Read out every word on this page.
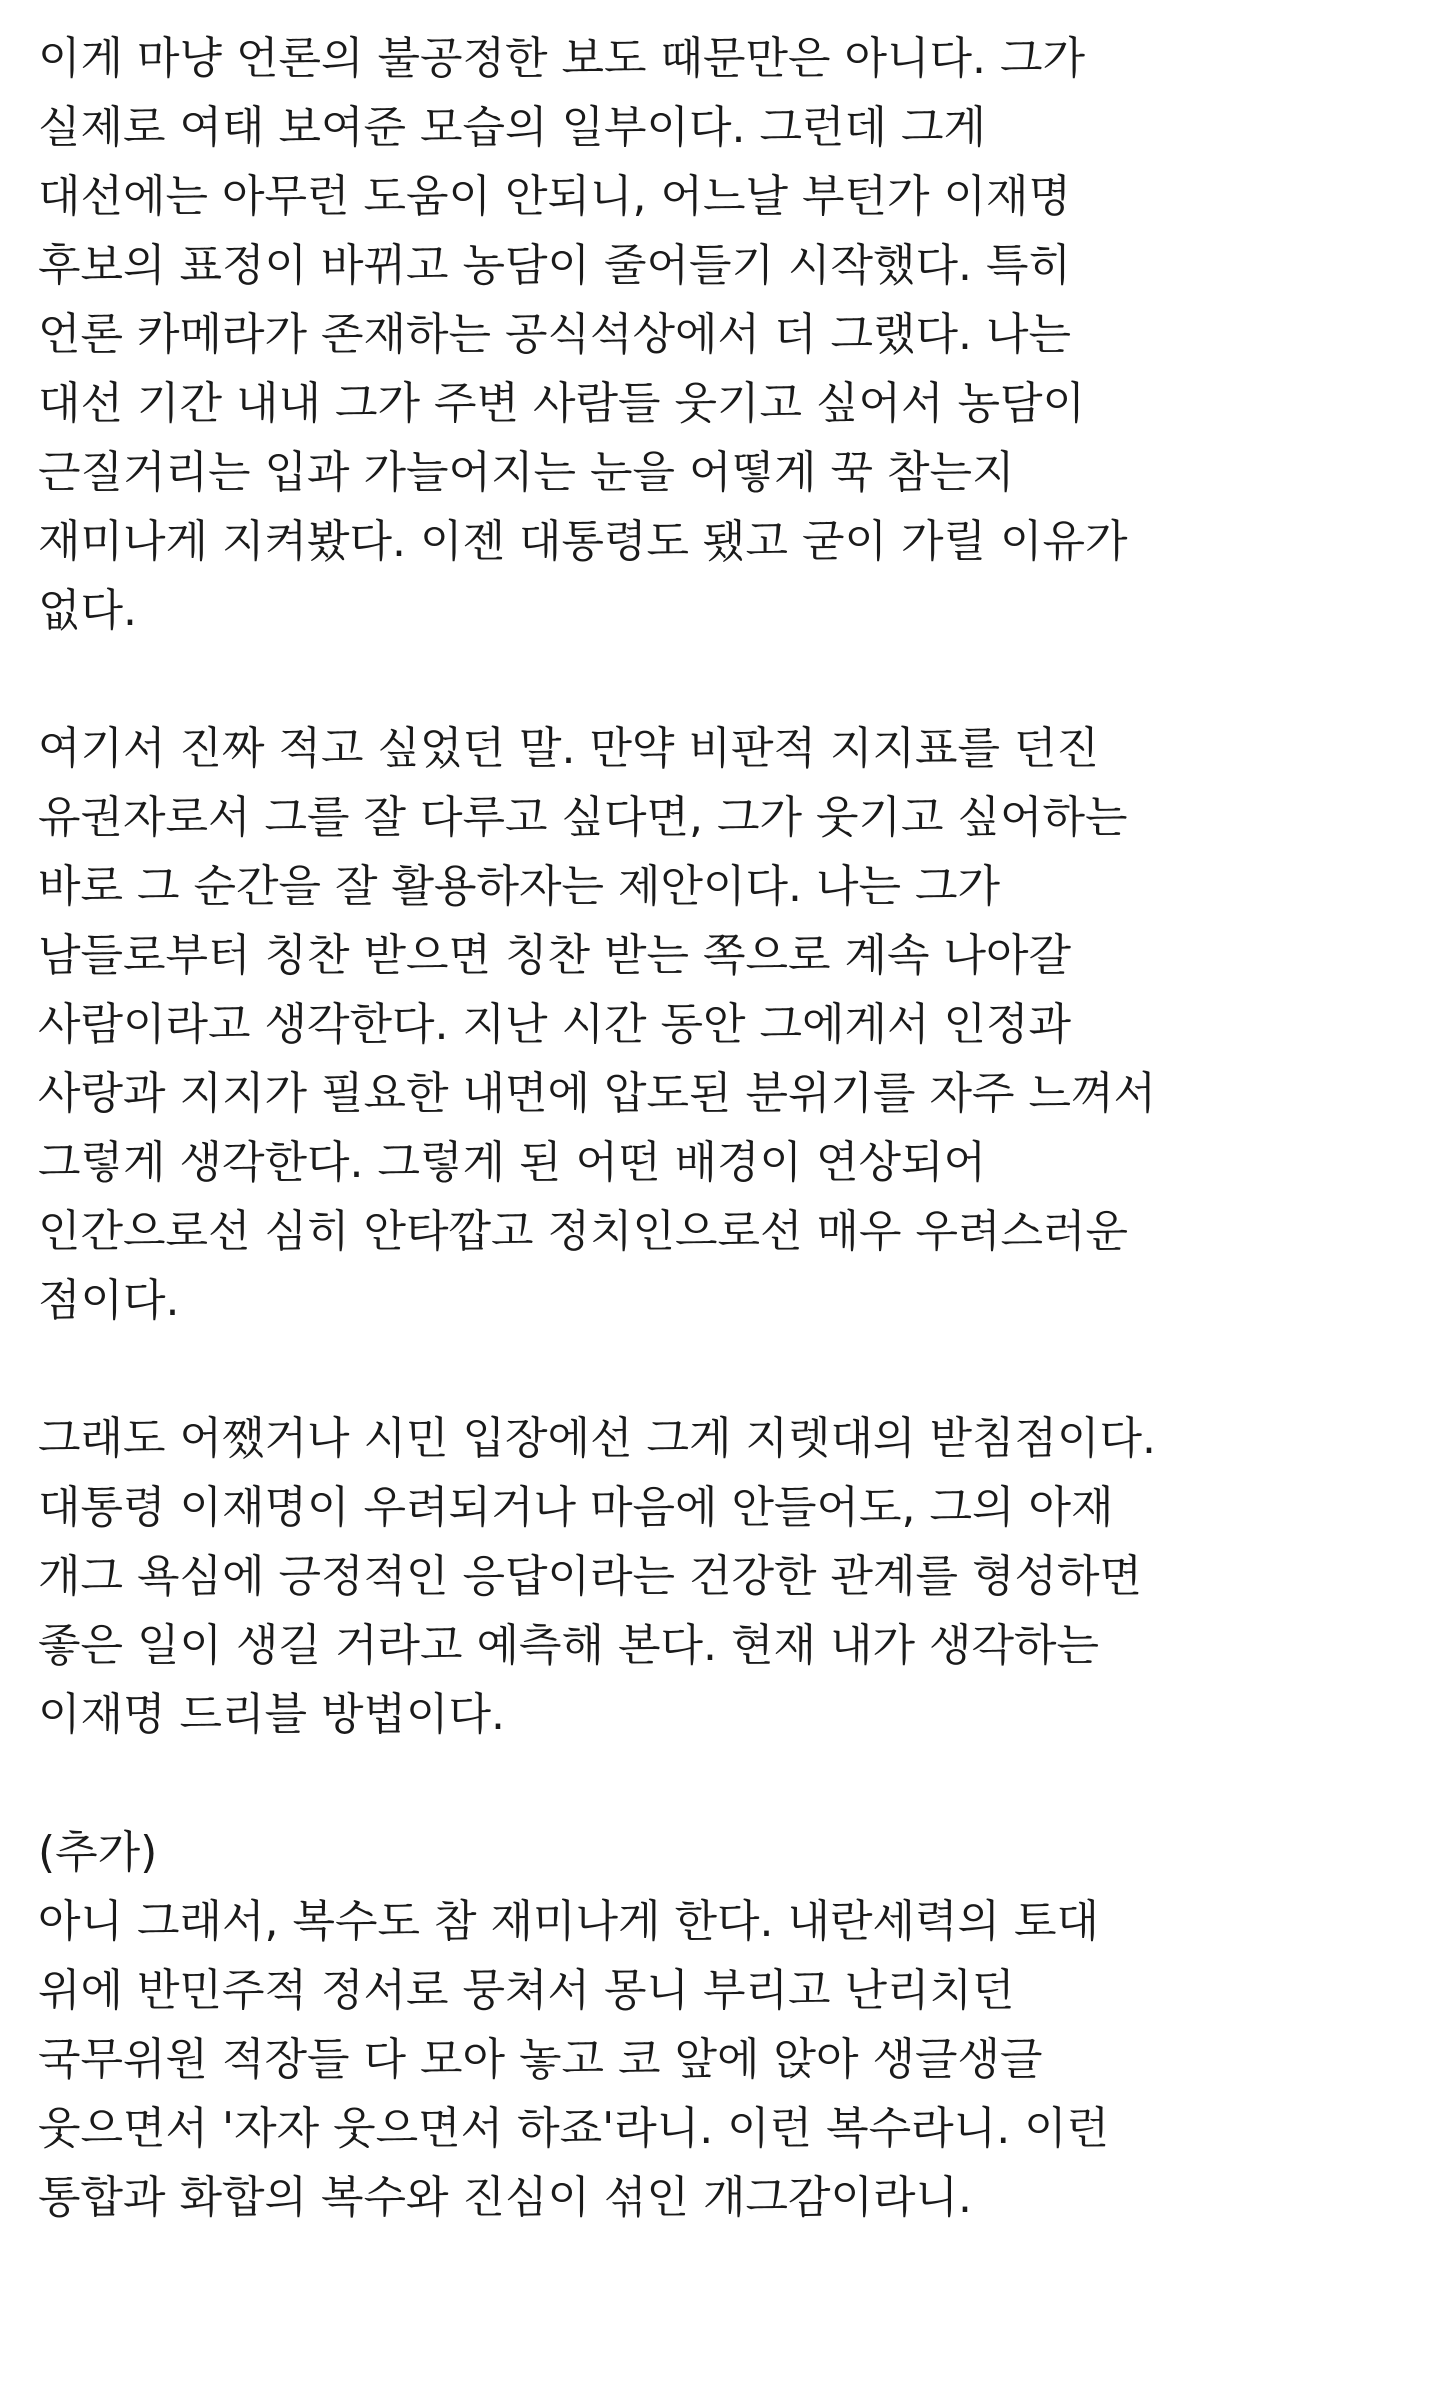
이게 마냥 언론의 불공정한 보도 때문만은 아니다. 그가
실제로 여태 보여준 모습의 일부이다. 그런데 그게
대선에는 아무런 도움이 안되니, 어느날 부턴가 이재명
후보의 표정이 바뀌고 농담이 줄어들기 시작했다. 특히
언론 카메라가 존재하는 공식석상에서 더 그랬다. 나는
대선 기간 내내 그가 주변 사람들 웃기고 싶어서 농담이
근질거리는 입과 가늘어지는 눈을 어떻게 꾹 참는지
재미나게 지켜봤다. 이젠 대통령도 됐고 굳이 가릴 이유가
없다.
여기서 진짜 적고 싶었던 말. 만약 비판적 지지표를 던진
유권자로서 그를 잘 다루고 싶다면, 그가 웃기고 싶어하는
바로 그 순간을 잘 활용하자는 제안이다. 나는 그가
남들로부터 칭찬 받으면 칭찬 받는 쪽으로 계속 나아갈
사람이라고 생각한다. 지난 시간 동안 그에게서 인정과
사랑과 지지가 필요한 내면에 압도된 분위기를 자주 느껴서
그렇게 생각한다. 그렇게 된 어떤 배경이 연상되어
인간으로선 심히 안타깝고 정치인으로선 매우 우려스러운
점이다.
그래도 어쨌거나 시민 입장에선 그게 지렛대의 받침점이다.
대통령 이재명이 우려되거나 마음에 안들어도, 그의 아재
개그 욕심에 긍정적인 응답이라는 건강한 관계를 형성하면
좋은 일이 생길 거라고 예측해 본다. 현재 내가 생각하는
이재명 드리블 방법이다.
(추가)
아니 그래서, 복수도 참 재미나게 한다. 내란세력의 토대
위에 반민주적 정서로 뭉쳐서 몽니 부리고 난리치던
국무위원 적장들 다 모아 놓고 코 앞에 앉아 생글생글
웃으면서 '자자 웃으면서 하죠'라니. 이런 복수라니. 이런
통합과 화합의 복수와 진심이 섞인 개그감이라니.
